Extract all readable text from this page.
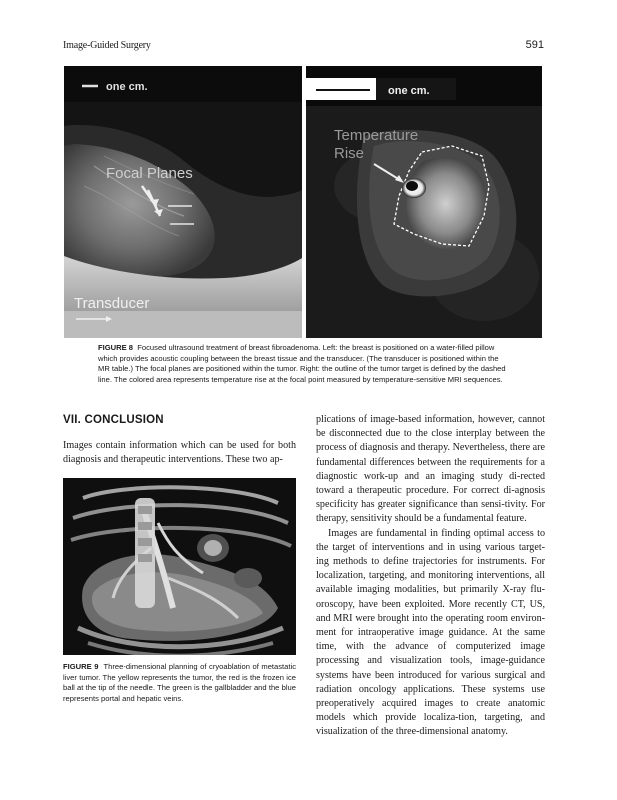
Image-Guided Surgery	591
one cm.
Focal Planes
Transducer
one cm.
Temperature
Rise
FIGURE 8 Focused ultrasound treatment of breast fibroadenoma. Left: the breast is positioned on a water-filled pillow which provides acoustic coupling between the breast tissue and the transducer. (The transducer is positioned within the MR table.) The focal planes are positioned within the tumor. Right: the outline of the tumor target is defined by the dashed line. The colored area represents temperature rise at the focal point measured by temperature-sensitive MRI sequences.
VII. CONCLUSION

Images contain information which can be used for both diagnosis and therapeutic interventions. These two ap-

FIGURE 9 Three-dimensional planning of cryoablation of metastatic liver tumor. The yellow represents the tumor, the red is the frozen ice ball at the tip of the needle. The green is the gallbladder and the blue represents portal and hepatic veins.

plications of image-based information, however, cannot be disconnected due to the close interplay between the process of diagnosis and therapy. Nevertheless, there are fundamental differences between the requirements for a diagnostic work-up and an imaging study di-rected toward a therapeutic procedure. For correct di-agnosis specificity has greater significance than sensi-tivity. For therapy, sensitivity should be a fundamental feature.

Images are fundamental in finding optimal access to the target of interventions and in using various target-ing methods to define trajectories for instruments. For localization, targeting, and monitoring interventions, all available imaging modalities, but primarily X-ray flu-oroscopy, have been exploited. More recently CT, US, and MRI were brought into the operating room environ-ment for intraoperative image guidance. At the same time, with the advance of computerized image processing and visualization tools, image-guidance systems have been introduced for various surgical and radiation oncology applications. These systems use preoperatively acquired images to create anatomic models which provide localiza-tion, targeting, and visualization of the three-dimensional anatomy.
